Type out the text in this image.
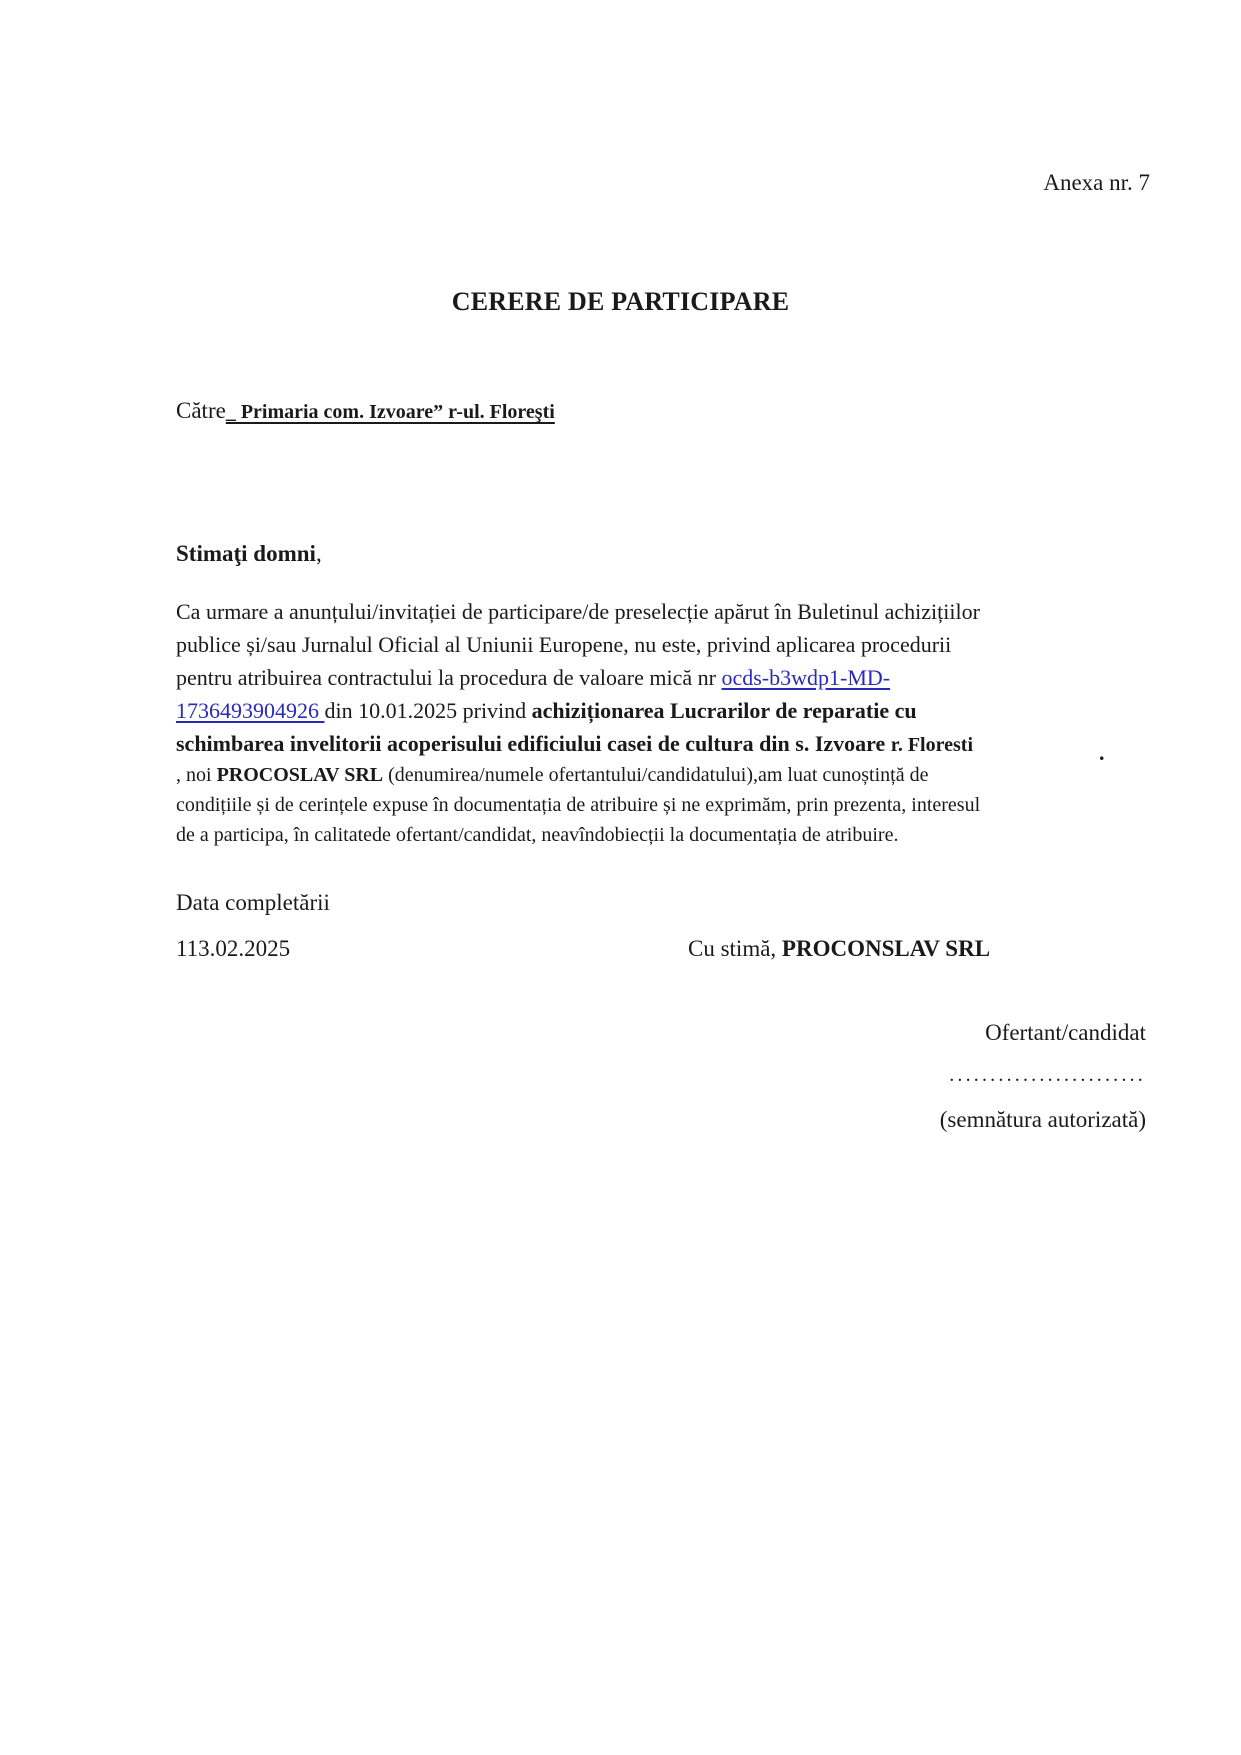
Anexa nr. 7
CERERE DE PARTICIPARE
Către_ Primaria com. Izvoare” r-ul. Floreşti
Stimaţi domni,
Ca urmare a anunțului/invitației de participare/de preselecție apărut în Buletinul achizițiilor
publice și/sau Jurnalul Oficial al Uniunii Europene, nu este, privind aplicarea procedurii
pentru atribuirea contractului la procedura de valoare mică nr ocds-b3wdp1-MD-
1736493904926 din 10.01.2025 privind achiziționarea Lucrarilor de reparatie cu
schimbarea invelitorii acoperisului edificiului casei de cultura din s. Izvoare r. Floresti
, noi PROCOSLAV SRL (denumirea/numele ofertantului/candidatului),am luat cunoștință de
condițiile și de cerințele expuse în documentația de atribuire și ne exprimăm, prin prezenta, interesul
de a participa, în calitatede ofertant/candidat, neavîndobiecții la documentația de atribuire.
.
Data completării
113.02.2025	Cu stimă, PROCONSLAV SRL
Ofertant/candidat
........................
(semnătura autorizată)
